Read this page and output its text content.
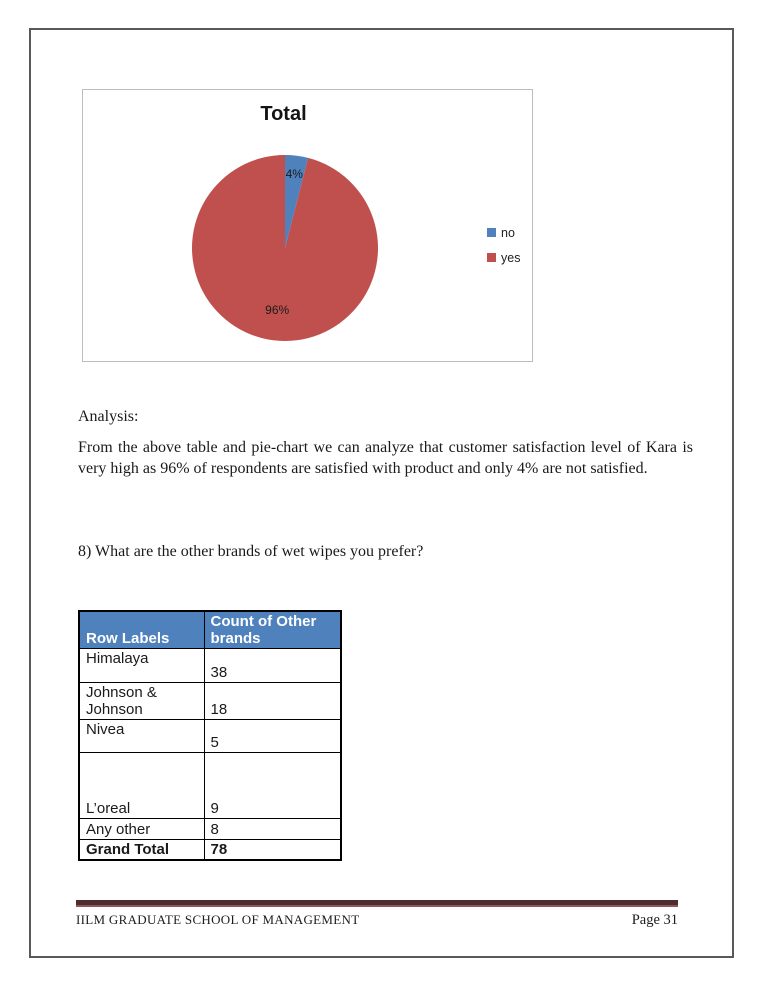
4%
96%
Total
no
yes
Analysis:
From the above table and pie-chart we can analyze that customer satisfaction level of Kara is very high as 96% of respondents are satisfied with product and only 4% are not satisfied.
8) What are the other brands of wet wipes you prefer?
Row Labels	Count of Other brands
Himalaya	38
Johnson & Johnson	18
Nivea	5
L’oreal	9
Any other	8
Grand Total	78
IILM GRADUATE SCHOOL OF MANAGEMENT	Page 31
